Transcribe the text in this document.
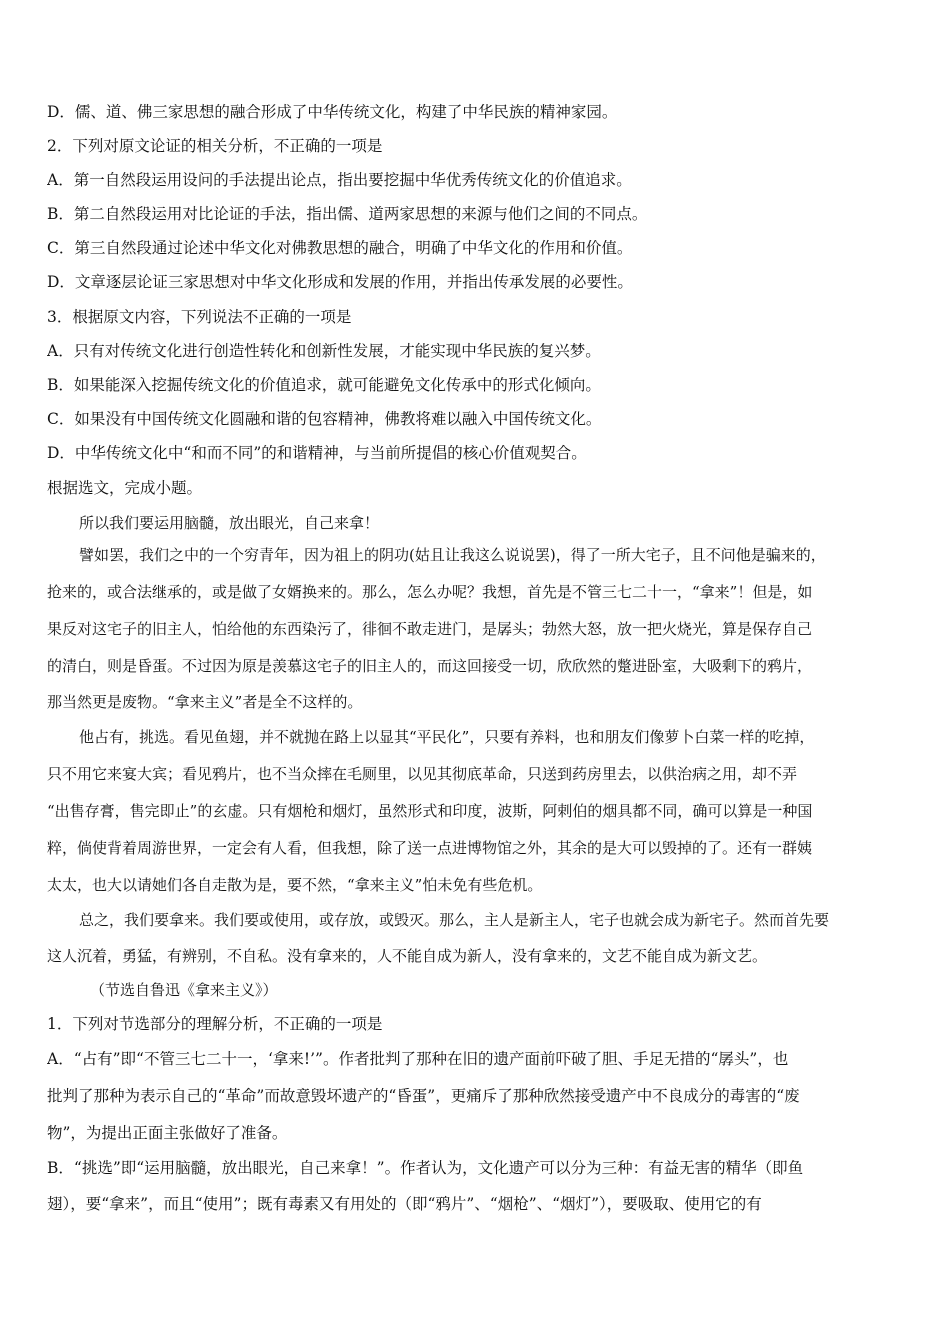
D．儒、道、佛三家思想的融合形成了中华传统文化，构建了中华民族的精神家园。
2．下列对原文论证的相关分析，不正确的一项是
A．第一自然段运用设问的手法提出论点，指出要挖掘中华优秀传统文化的价值追求。
B．第二自然段运用对比论证的手法，指出儒、道两家思想的来源与他们之间的不同点。
C．第三自然段通过论述中华文化对佛教思想的融合，明确了中华文化的作用和价值。
D．文章逐层论证三家思想对中华文化形成和发展的作用，并指出传承发展的必要性。
3．根据原文内容，下列说法不正确的一项是
A．只有对传统文化进行创造性转化和创新性发展，才能实现中华民族的复兴梦。
B．如果能深入挖掘传统文化的价值追求，就可能避免文化传承中的形式化倾向。
C．如果没有中国传统文化圆融和谐的包容精神，佛教将难以融入中国传统文化。
D．中华传统文化中“和而不同”的和谐精神，与当前所提倡的核心价值观契合。
根据选文，完成小题。
所以我们要运用脑髓，放出眼光，自己来拿！
譬如罢，我们之中的一个穷青年，因为祖上的阴功(姑且让我这么说说罢)，得了一所大宅子，且不问他是骗来的，
抢来的，或合法继承的，或是做了女婿换来的。那么，怎么办呢？我想，首先是不管三七二十一，“拿来”！但是，如
果反对这宅子的旧主人，怕给他的东西染污了，徘徊不敢走进门，是孱头；勃然大怒，放一把火烧光，算是保存自己
的清白，则是昏蛋。不过因为原是羡慕这宅子的旧主人的，而这回接受一切，欣欣然的蹩进卧室，大吸剩下的鸦片，
那当然更是废物。“拿来主义”者是全不这样的。
他占有，挑选。看见鱼翅，并不就抛在路上以显其“平民化”，只要有养料，也和朋友们像萝卜白菜一样的吃掉，
只不用它来宴大宾；看见鸦片，也不当众摔在毛厕里，以见其彻底革命，只送到药房里去，以供治病之用，却不弄
“出售存膏，售完即止”的玄虚。只有烟枪和烟灯，虽然形式和印度，波斯，阿剌伯的烟具都不同，确可以算是一种国
粹，倘使背着周游世界，一定会有人看，但我想，除了送一点进博物馆之外，其余的是大可以毁掉的了。还有一群姨
太太，也大以请她们各自走散为是，要不然，“拿来主义”怕未免有些危机。
总之，我们要拿来。我们要或使用，或存放，或毁灭。那么，主人是新主人，宅子也就会成为新宅子。然而首先要
这人沉着，勇猛，有辨别，不自私。没有拿来的，人不能自成为新人，没有拿来的，文艺不能自成为新文艺。
（节选自鲁迅《拿来主义》）
1．下列对节选部分的理解分析，不正确的一项是
A．“占有”即“不管三七二十一，‘拿来!’”。作者批判了那种在旧的遗产面前吓破了胆、手足无措的“孱头”，也
批判了那种为表示自己的“革命”而故意毁坏遗产的“昏蛋”，更痛斥了那种欣然接受遗产中不良成分的毒害的“废
物”，为提出正面主张做好了准备。
B．“挑选”即“运用脑髓，放出眼光，自己来拿！”。作者认为，文化遗产可以分为三种：有益无害的精华（即鱼
翅），要“拿来”，而且“使用”；既有毒素又有用处的（即“鸦片”、“烟枪”、“烟灯”），要吸取、使用它的有
